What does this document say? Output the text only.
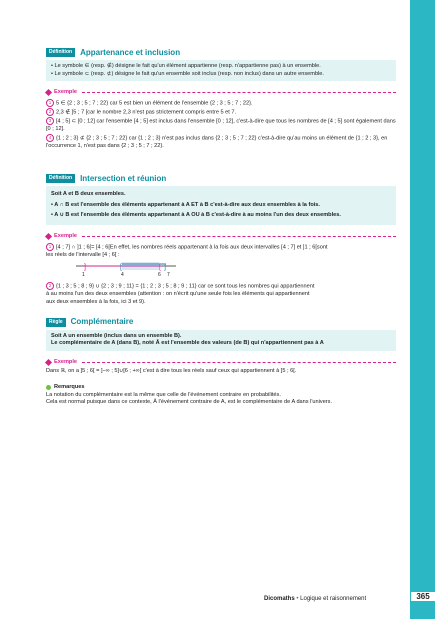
Définition	Appartenance et inclusion

• Le symbole ∈ (resp. ∉) désigne le fait qu'un élément appartienne (resp. n'appartienne pas) à un ensemble.

• Le symbole ⊂ (resp. ⊄) désigne le fait qu'un ensemble soit inclus (resp. non inclus) dans un autre ensemble.

Exemple

1 5 ∈ {2 ; 3 ; 5 ; 7 ; 22} car 5 est bien un élément de l'ensemble {2 ; 3 ; 5 ; 7 ; 22}.

2 2,3 ∉ ]5 ; 7 [car le nombre 2,3 n'est pas strictement compris entre 5 et 7.

3 [4 ; 5] ⊂ [0 ; 12] car l'ensemble [4 ; 5] est inclus dans l'ensemble [0 ; 12], c'est-à-dire que tous les nombres de [4 ; 5] sont également dans [0 ; 12].

4 {1 ; 2 ; 3} ⊄ {2 ; 3 ; 5 ; 7 ; 22} car {1 ; 2 ; 3} n'est pas inclus dans {2 ; 3 ; 5 ; 7 ; 22} c'est-à-dire qu'au moins un élément de {1 ; 2 ; 3}, en l'occurrence 1, n'est pas dans {2 ; 3 ; 5 ; 7 ; 22}.

Définition	Intersection et réunion

Soit A et B deux ensembles.

• A ∩ B est l'ensemble des éléments appartenant à A ET à B c'est-à-dire aux deux ensembles à la fois.

• A ∪ B est l'ensemble des éléments appartenant à A OU à B c'est-à-dire à au moins l'un des deux ensembles.

Exemple

1 [4 ; 7] ∩ ]1 ; 6[= [4 ; 6[En effet, les nombres réels appartenant à la fois aux deux intervalles [4 ; 7] et ]1 ; 6[sont

les réels de l'intervalle [4 ; 6[ :

]	[	[ ]
1	4	6 7

2 {1 ; 3 ; 5 ; 8 ; 9} ∪ {2 ; 3 ; 9 ; 11} = {1 ; 2 ; 3 ; 5 ; 8 ; 9 ; 11} car ce sont tous les nombres qui appartiennent

à au moins l'un des deux ensembles (attention : on n'écrit qu'une seule fois les éléments qui appartiennent

aux deux ensembles à la fois, ici 3 et 9).

Règle	Complémentaire

Soit A un ensemble (inclus dans un ensemble B).

Le complémentaire de A (dans B), noté Ā est l'ensemble des valeurs (de B) qui n'appartiennent pas à A

Exemple

Dans ℝ, on a ]5 ; 6[ = ]−∞ ; 5]∪[6 ; +∞[ c'est à dire tous les réels sauf ceux qui appartiennent à ]5 ; 6[.

Remarques

La notation du complémentaire est la même que celle de l'événement contraire en probabilités.

Cela est normal puisque dans ce contexte, Ā l'événement contraire de A, est le complémentaire de A dans l'univers.

Dicomaths • Logique et raisonnement	365
